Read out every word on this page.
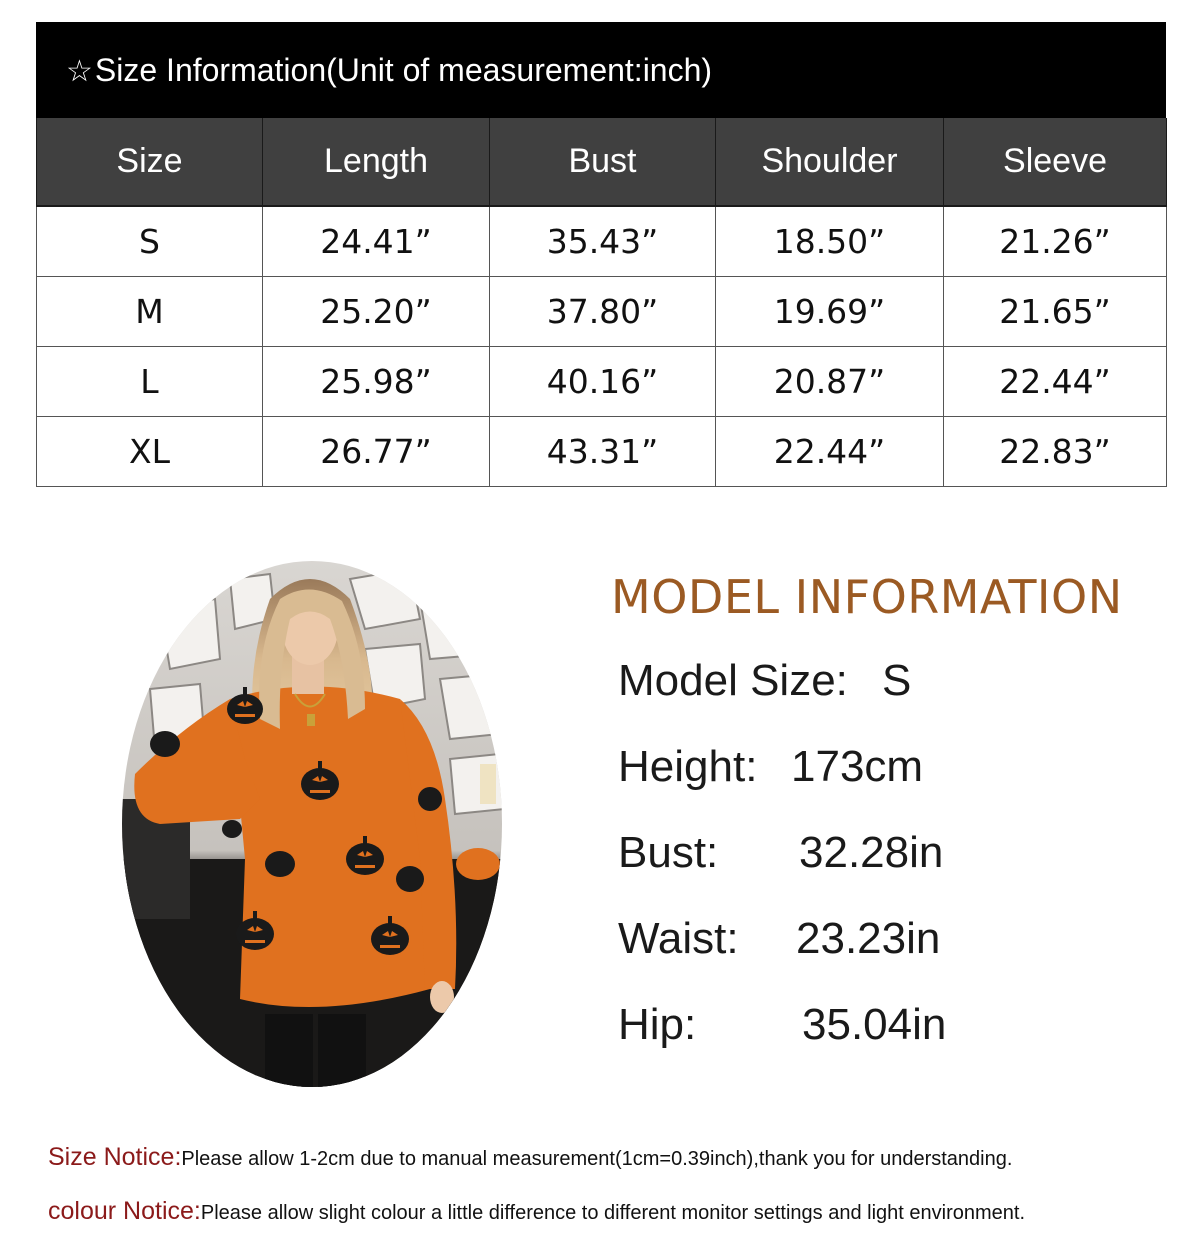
☆Size Information(Unit of measurement:inch)
Size	Length	Bust	Shoulder	Sleeve
S	24.41”	35.43”	18.50”	21.26”
M	25.20”	37.80”	19.69”	21.65”
L	25.98”	40.16”	20.87”	22.44”
XL	26.77”	43.31”	22.44”	22.83”
MODEL INFORMATION
Model Size: S
Height: 173cm
Bust: 32.28in
Waist: 23.23in
Hip: 35.04in
Size Notice:Please allow 1-2cm due to manual measurement(1cm=0.39inch),thank you for understanding.
colour Notice:Please allow slight colour a little difference to different monitor settings and light environment.
